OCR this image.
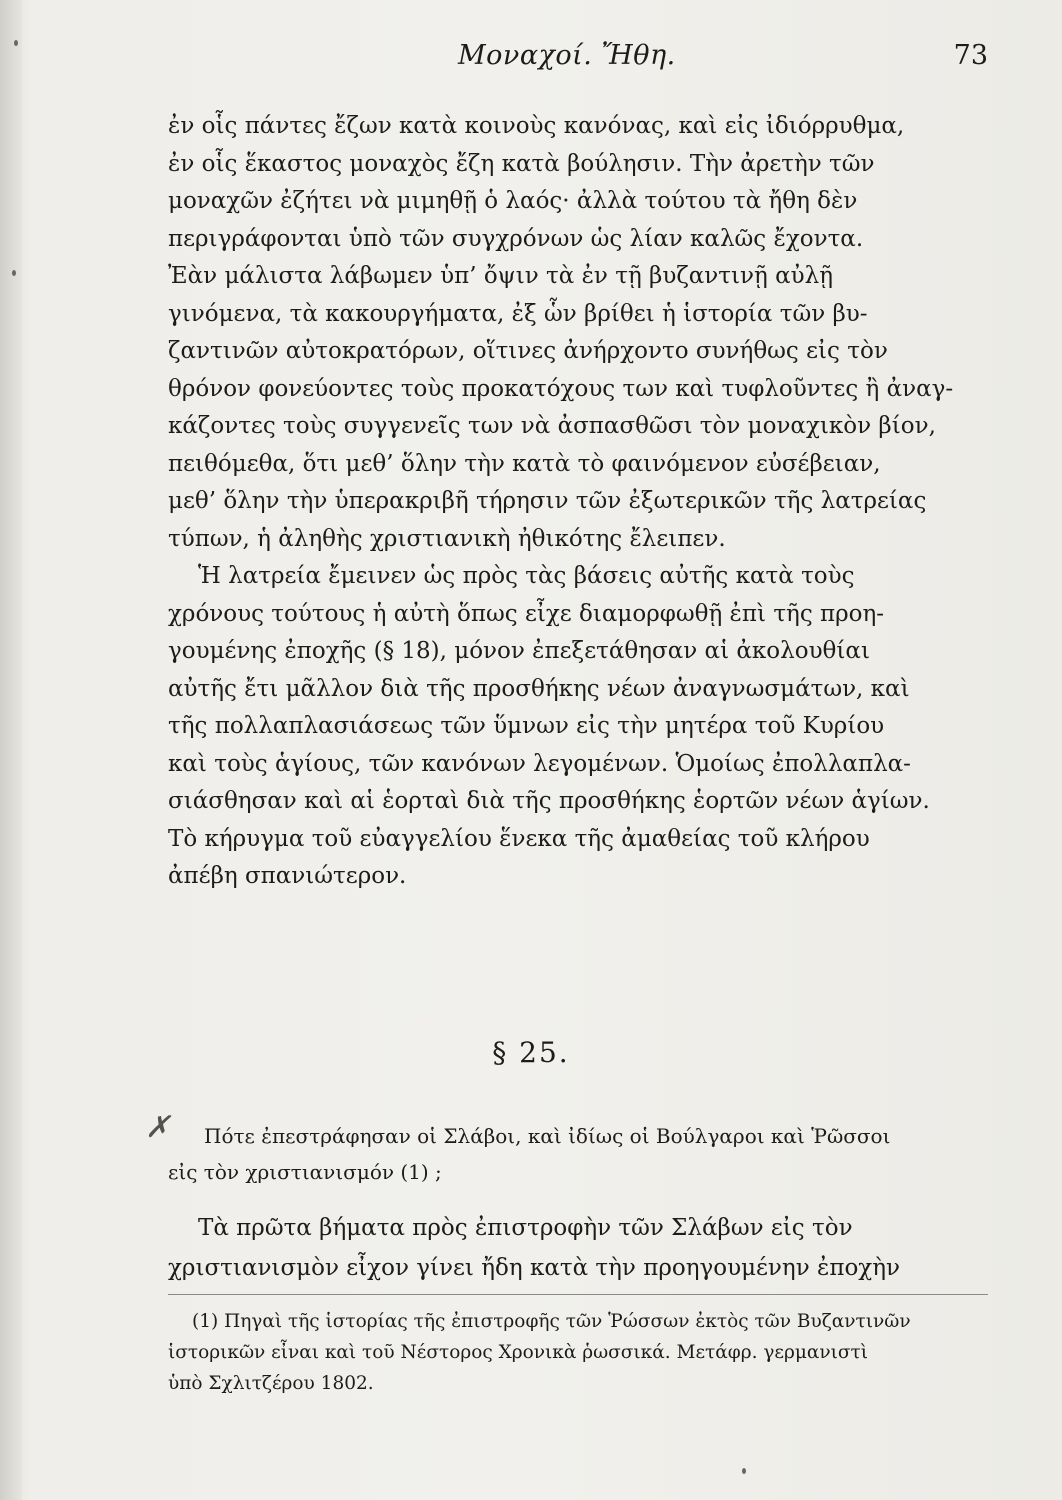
Μοναχοί. Ἤθη.	73
ἐν οἷς πάντες ἔζων κατὰ κοινοὺς κανόνας, καὶ εἰς ἰδιόρρυθμα,
ἐν οἷς ἕκαστος μοναχὸς ἔζη κατὰ βούλησιν. Τὴν ἀρετὴν τῶν
μοναχῶν ἐζήτει νὰ μιμηθῇ ὁ λαός· ἀλλὰ τούτου τὰ ἤθη δὲν
περιγράφονται ὑπὸ τῶν συγχρόνων ὡς λίαν καλῶς ἔχοντα.
Ἐὰν μάλιστα λάβωμεν ὑπ’ ὄψιν τὰ ἐν τῇ βυζαντινῇ αὐλῇ
γινόμενα, τὰ κακουργήματα, ἐξ ὧν βρίθει ἡ ἱστορία τῶν βυ-
ζαντινῶν αὐτοκρατόρων, οἵτινες ἀνήρχοντο συνήθως εἰς τὸν
θρόνον φονεύοντες τοὺς προκατόχους των καὶ τυφλοῦντες ἢ ἀναγ-
κάζοντες τοὺς συγγενεῖς των νὰ ἀσπασθῶσι τὸν μοναχικὸν βίον,
πειθόμεθα, ὅτι μεθ’ ὅλην τὴν κατὰ τὸ φαινόμενον εὐσέβειαν,
μεθ’ ὅλην τὴν ὑπερακριβῆ τήρησιν τῶν ἐξωτερικῶν τῆς λατρείας
τύπων, ἡ ἀληθὴς χριστιανικὴ ἠθικότης ἔλειπεν.
Ἡ λατρεία ἔμεινεν ὡς πρὸς τὰς βάσεις αὐτῆς κατὰ τοὺς
χρόνους τούτους ἡ αὐτὴ ὅπως εἶχε διαμορφωθῇ ἐπὶ τῆς προη-
γουμένης ἐποχῆς (§ 18), μόνον ἐπεξετάθησαν αἱ ἀκολουθίαι
αὐτῆς ἔτι μᾶλλον διὰ τῆς προσθήκης νέων ἀναγνωσμάτων, καὶ
τῆς πολλαπλασιάσεως τῶν ὕμνων εἰς τὴν μητέρα τοῦ Κυρίου
καὶ τοὺς ἁγίους, τῶν κανόνων λεγομένων. Ὁμοίως ἐπολλαπλα-
σιάσθησαν καὶ αἱ ἑορταὶ διὰ τῆς προσθήκης ἑορτῶν νέων ἁγίων.
Τὸ κήρυγμα τοῦ εὐαγγελίου ἕνεκα τῆς ἀμαθείας τοῦ κλήρου
ἀπέβη σπανιώτερον.
§ 25.
✗	Πότε ἐπεστράφησαν οἱ Σλάβοι, καὶ ἰδίως οἱ Βούλγαροι καὶ Ῥῶσσοι
εἰς τὸν χριστιανισμόν (1) ;
Τὰ πρῶτα βήματα πρὸς ἐπιστροφὴν τῶν Σλάβων εἰς τὸν
χριστιανισμὸν εἶχον γίνει ἤδη κατὰ τὴν προηγουμένην ἐποχὴν
(1) Πηγαὶ τῆς ἱστορίας τῆς ἐπιστροφῆς τῶν Ῥώσσων ἐκτὸς τῶν Βυζαντινῶν
ἱστορικῶν εἶναι καὶ τοῦ Νέστορος Χρονικὰ ῥωσσικά. Μετάφρ. γερμανιστὶ
ὑπὸ Σχλιτζέρου 1802.
